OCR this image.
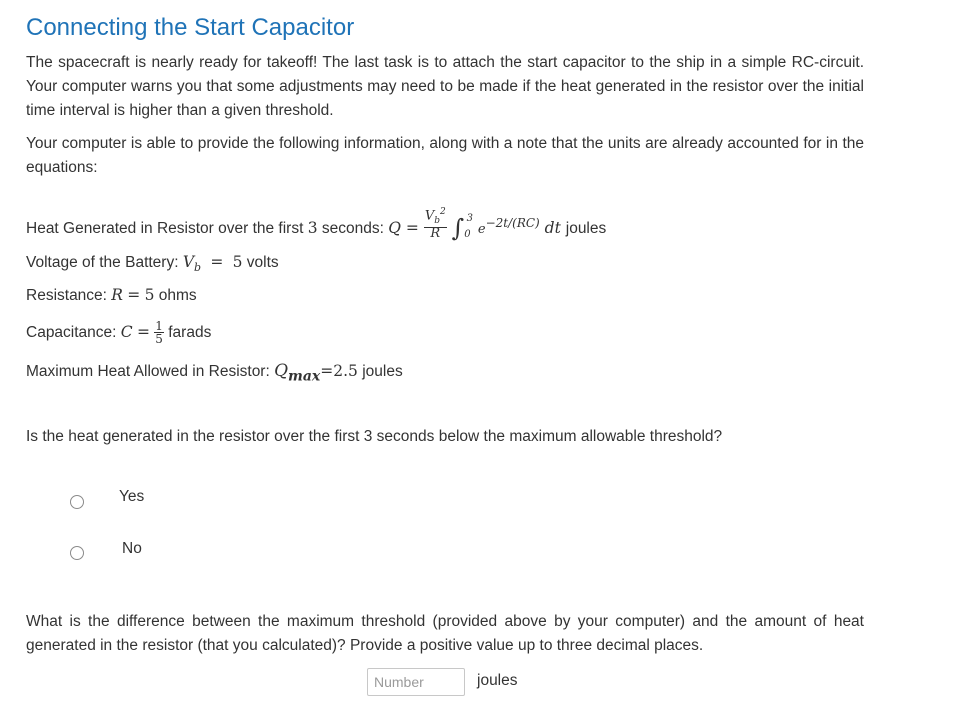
Connecting the Start Capacitor

The spacecraft is nearly ready for takeoff! The last task is to attach the start capacitor to the ship in a simple RC-circuit. Your computer warns you that some adjustments may need to be made if the heat generated in the resistor over the initial time interval is higher than a given threshold.

Your computer is able to provide the following information, along with a note that the units are already accounted for in the equations:

Heat Generated in Resistor over the first 3 seconds: $Q = \frac{V_b^2}{R} \int_0^3$ $e^{-2t/(RC)}$ dt joules
Voltage of the Battery: $V_b = 5$ volts
Resistance: R = 5 ohms
Capacitance: $C = \frac{1}{5}$ farads
Maximum Heat Allowed in Resistor: $Q_{max}=2.5$ joules
Is the heat generated in the resistor over the first 3 seconds below the maximum allowable threshold?
Yes
No

What is the difference between the maximum threshold (provided above by your computer) and the amount of heat generated in the resistor (that you calculated)? Provide a positive value up to three decimal places.

Number
joules
